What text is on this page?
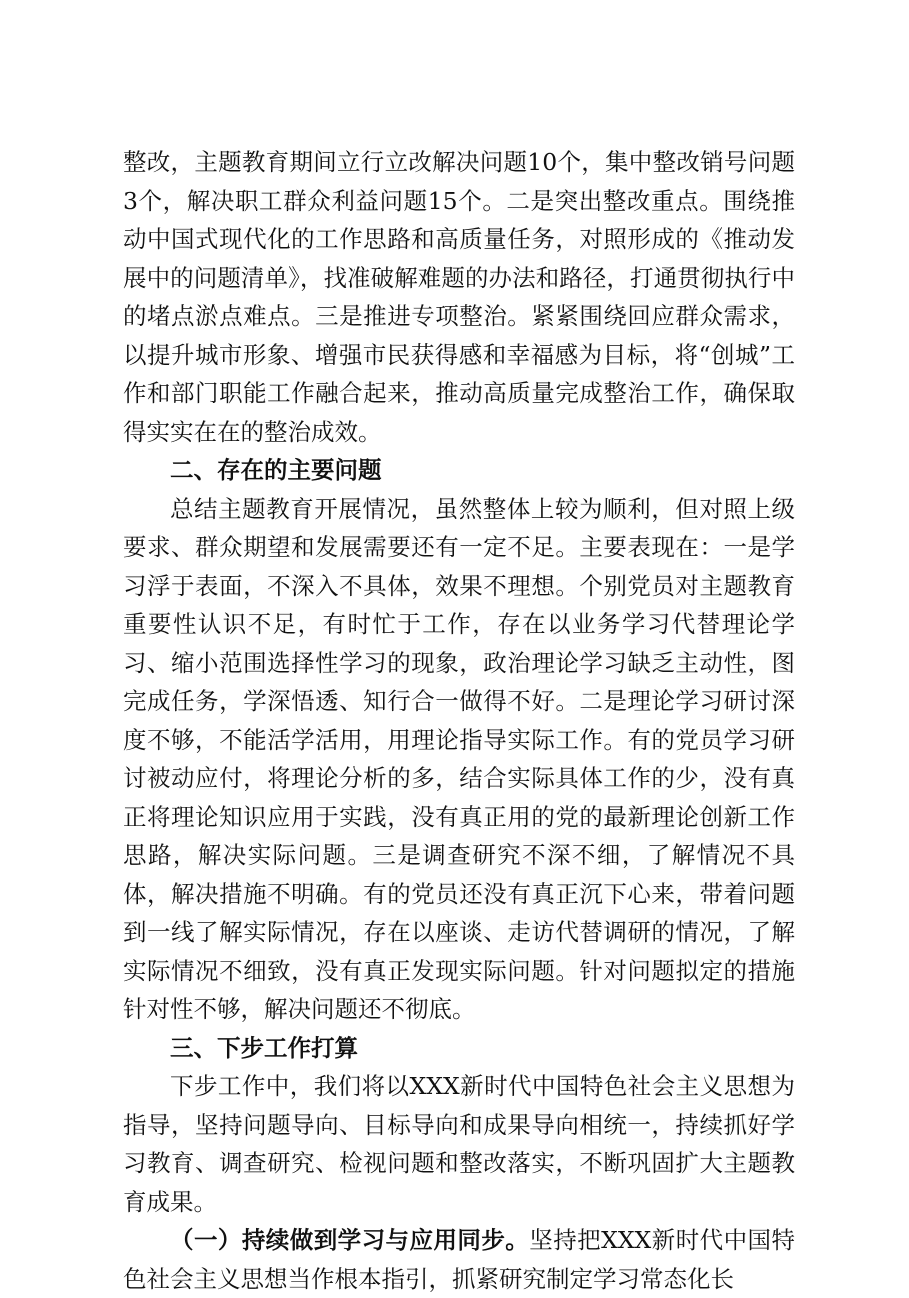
整改，主题教育期间立行立改解决问题10个，集中整改销号问题3个，解决职工群众利益问题15个。二是突出整改重点。围绕推动中国式现代化的工作思路和高质量任务，对照形成的《推动发展中的问题清单》，找准破解难题的办法和路径，打通贯彻执行中的堵点淤点难点。三是推进专项整治。紧紧围绕回应群众需求，以提升城市形象、增强市民获得感和幸福感为目标，将“创城”工作和部门职能工作融合起来，推动高质量完成整治工作，确保取得实实在在的整治成效。

二、存在的主要问题

总结主题教育开展情况，虽然整体上较为顺利，但对照上级要求、群众期望和发展需要还有一定不足。主要表现在：一是学习浮于表面，不深入不具体，效果不理想。个别党员对主题教育重要性认识不足，有时忙于工作，存在以业务学习代替理论学习、缩小范围选择性学习的现象，政治理论学习缺乏主动性，图完成任务，学深悟透、知行合一做得不好。二是理论学习研讨深度不够，不能活学活用，用理论指导实际工作。有的党员学习研讨被动应付，将理论分析的多，结合实际具体工作的少，没有真正将理论知识应用于实践，没有真正用的党的最新理论创新工作思路，解决实际问题。三是调查研究不深不细，了解情况不具体，解决措施不明确。有的党员还没有真正沉下心来，带着问题到一线了解实际情况，存在以座谈、走访代替调研的情况，了解实际情况不细致，没有真正发现实际问题。针对问题拟定的措施针对性不够，解决问题还不彻底。

三、下步工作打算

下步工作中，我们将以XXX新时代中国特色社会主义思想为指导，坚持问题导向、目标导向和成果导向相统一，持续抓好学习教育、调查研究、检视问题和整改落实，不断巩固扩大主题教育成果。

（一）持续做到学习与应用同步。坚持把XXX新时代中国特色社会主义思想当作根本指引，抓紧研究制定学习常态化长
